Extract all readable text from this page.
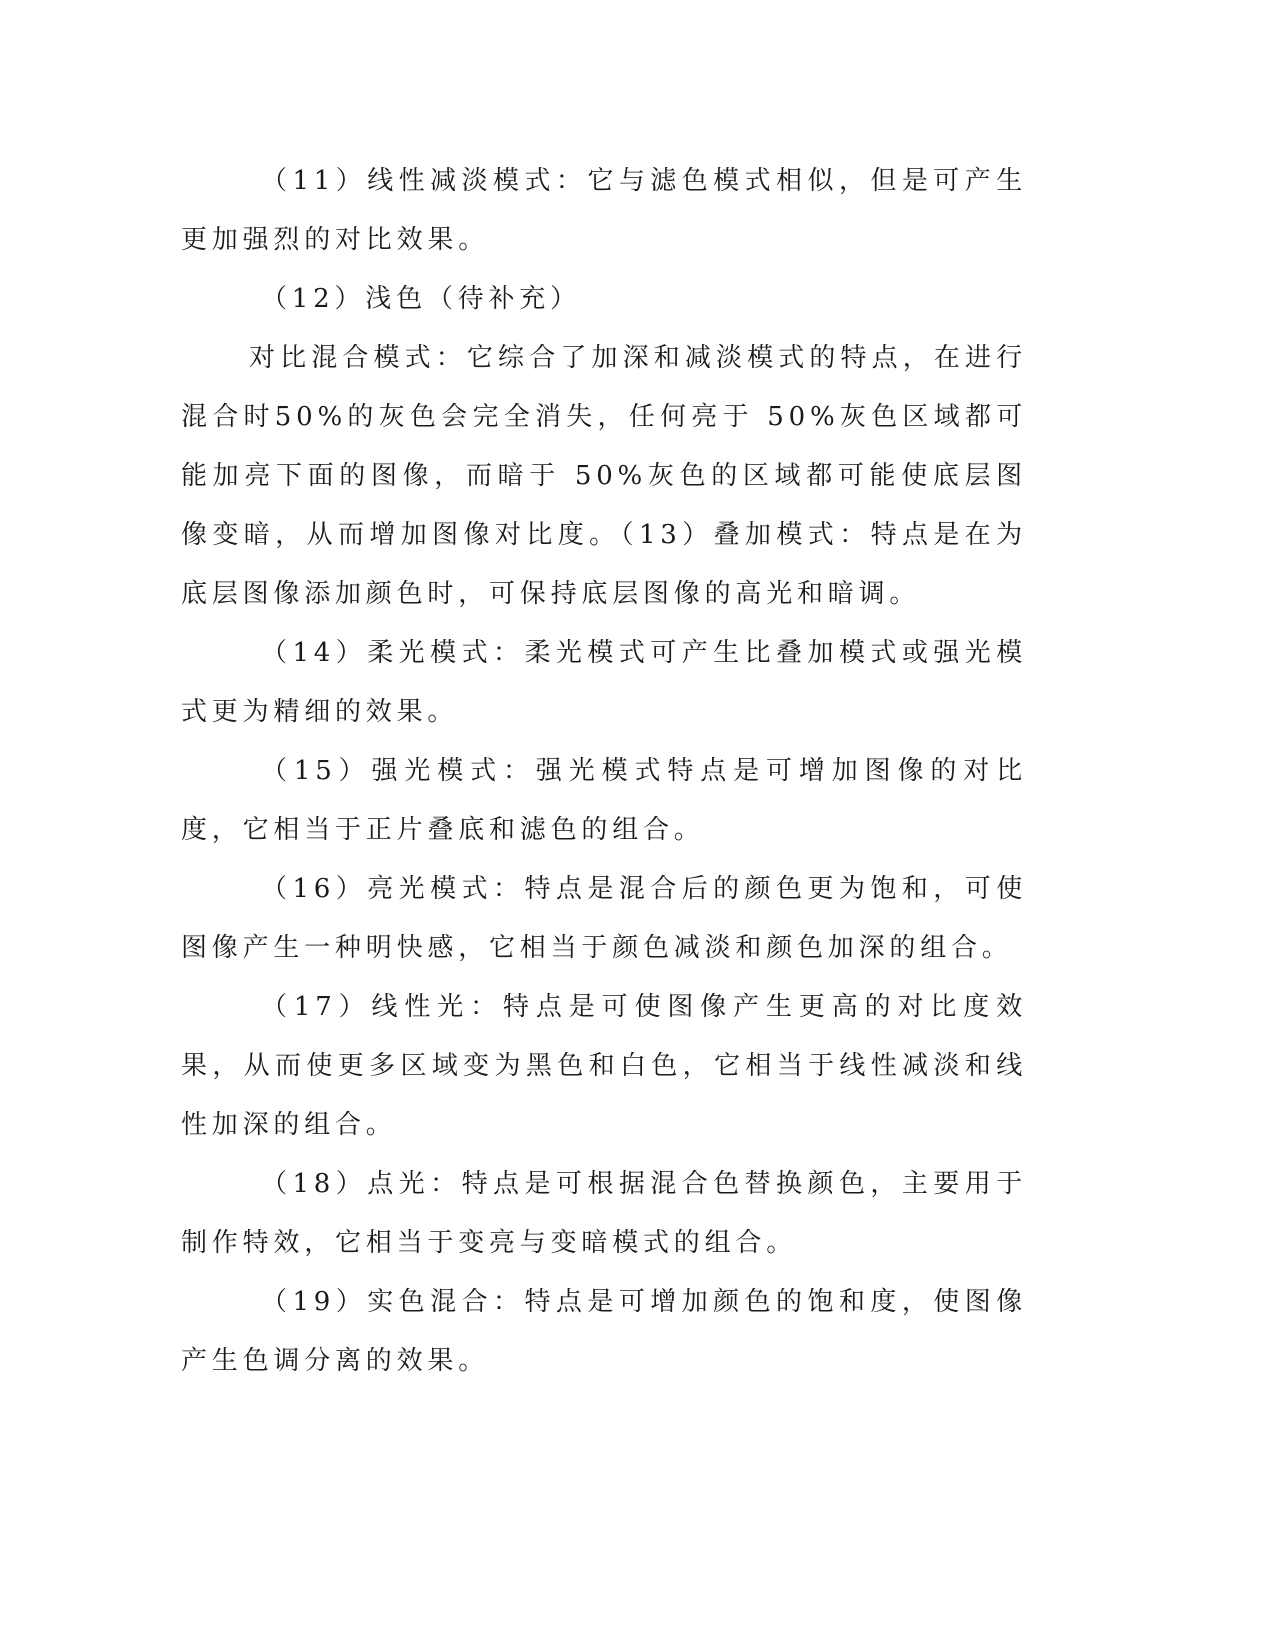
（11）线性减淡模式：它与滤色模式相似，但是可产生更加强烈的对比效果。

（12）浅色（待补充）

对比混合模式：它综合了加深和减淡模式的特点，在进行混合时50%的灰色会完全消失，任何亮于 50%灰色区域都可能加亮下面的图像，而暗于 50%灰色的区域都可能使底层图像变暗，从而增加图像对比度。（13）叠加模式：特点是在为底层图像添加颜色时，可保持底层图像的高光和暗调。

（14）柔光模式：柔光模式可产生比叠加模式或强光模式更为精细的效果。

（15）强光模式：强光模式特点是可增加图像的对比度，它相当于正片叠底和滤色的组合。

（16）亮光模式：特点是混合后的颜色更为饱和，可使图像产生一种明快感，它相当于颜色减淡和颜色加深的组合。

（17）线性光：特点是可使图像产生更高的对比度效果，从而使更多区域变为黑色和白色，它相当于线性减淡和线性加深的组合。

（18）点光：特点是可根据混合色替换颜色，主要用于制作特效，它相当于变亮与变暗模式的组合。

（19）实色混合：特点是可增加颜色的饱和度，使图像产生色调分离的效果。
